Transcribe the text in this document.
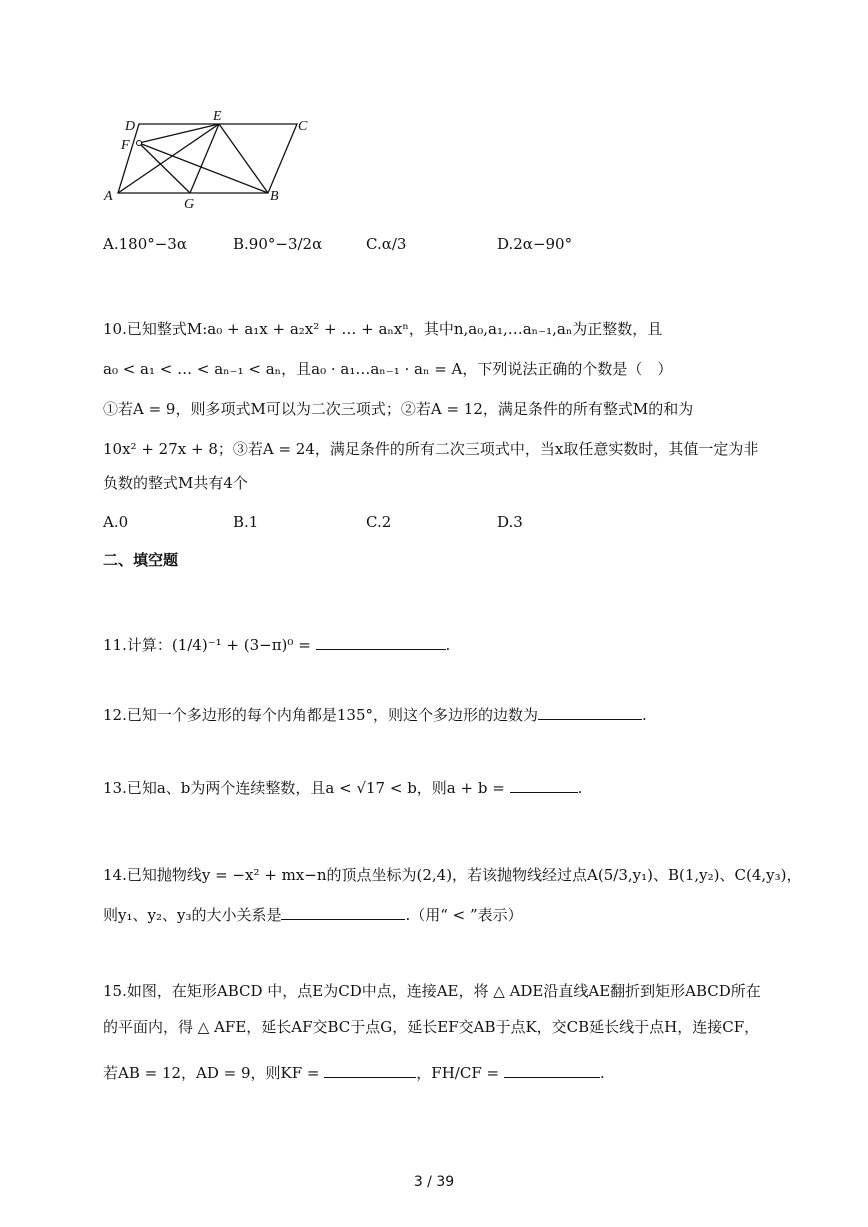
D
E
C
F
A
G
B
A.180°−3α	B.90°−3/2α	C.α/3	D.2α−90°
10.已知整式M:a₀ + a₁x + a₂x² + … + aₙxⁿ，其中n,a₀,a₁,…aₙ₋₁,aₙ为正整数，且
a₀ < a₁ < … < aₙ₋₁ < aₙ，且a₀ · a₁…aₙ₋₁ · aₙ = A，下列说法正确的个数是（　）
①若A = 9，则多项式M可以为二次三项式；②若A = 12，满足条件的所有整式M的和为
10x² + 27x + 8；③若A = 24，满足条件的所有二次三项式中，当x取任意实数时，其值一定为非
负数的整式M共有4个
A.0	B.1	C.2	D.3
二、填空题
11.计算：(1/4)⁻¹ + (3−π)⁰ =	.
12.已知一个多边形的每个内角都是135°，则这个多边形的边数为	.
13.已知a、b为两个连续整数，且a < √17 < b，则a + b =	.
14.已知抛物线y = −x² + mx−n的顶点坐标为(2,4)，若该抛物线经过点A(5/3,y₁)、B(1,y₂)、C(4,y₃)，
则y₁、y₂、y₃的大小关系是	.（用“ < ”表示）
15.如图，在矩形ABCD 中，点E为CD中点，连接AE，将 △ ADE沿直线AE翻折到矩形ABCD所在
的平面内，得 △ AFE，延长AF交BC于点G，延长EF交AB于点K，交CB延长线于点H，连接CF，
若AB = 12，AD = 9，则KF =	，FH/CF =	.
3 / 39
